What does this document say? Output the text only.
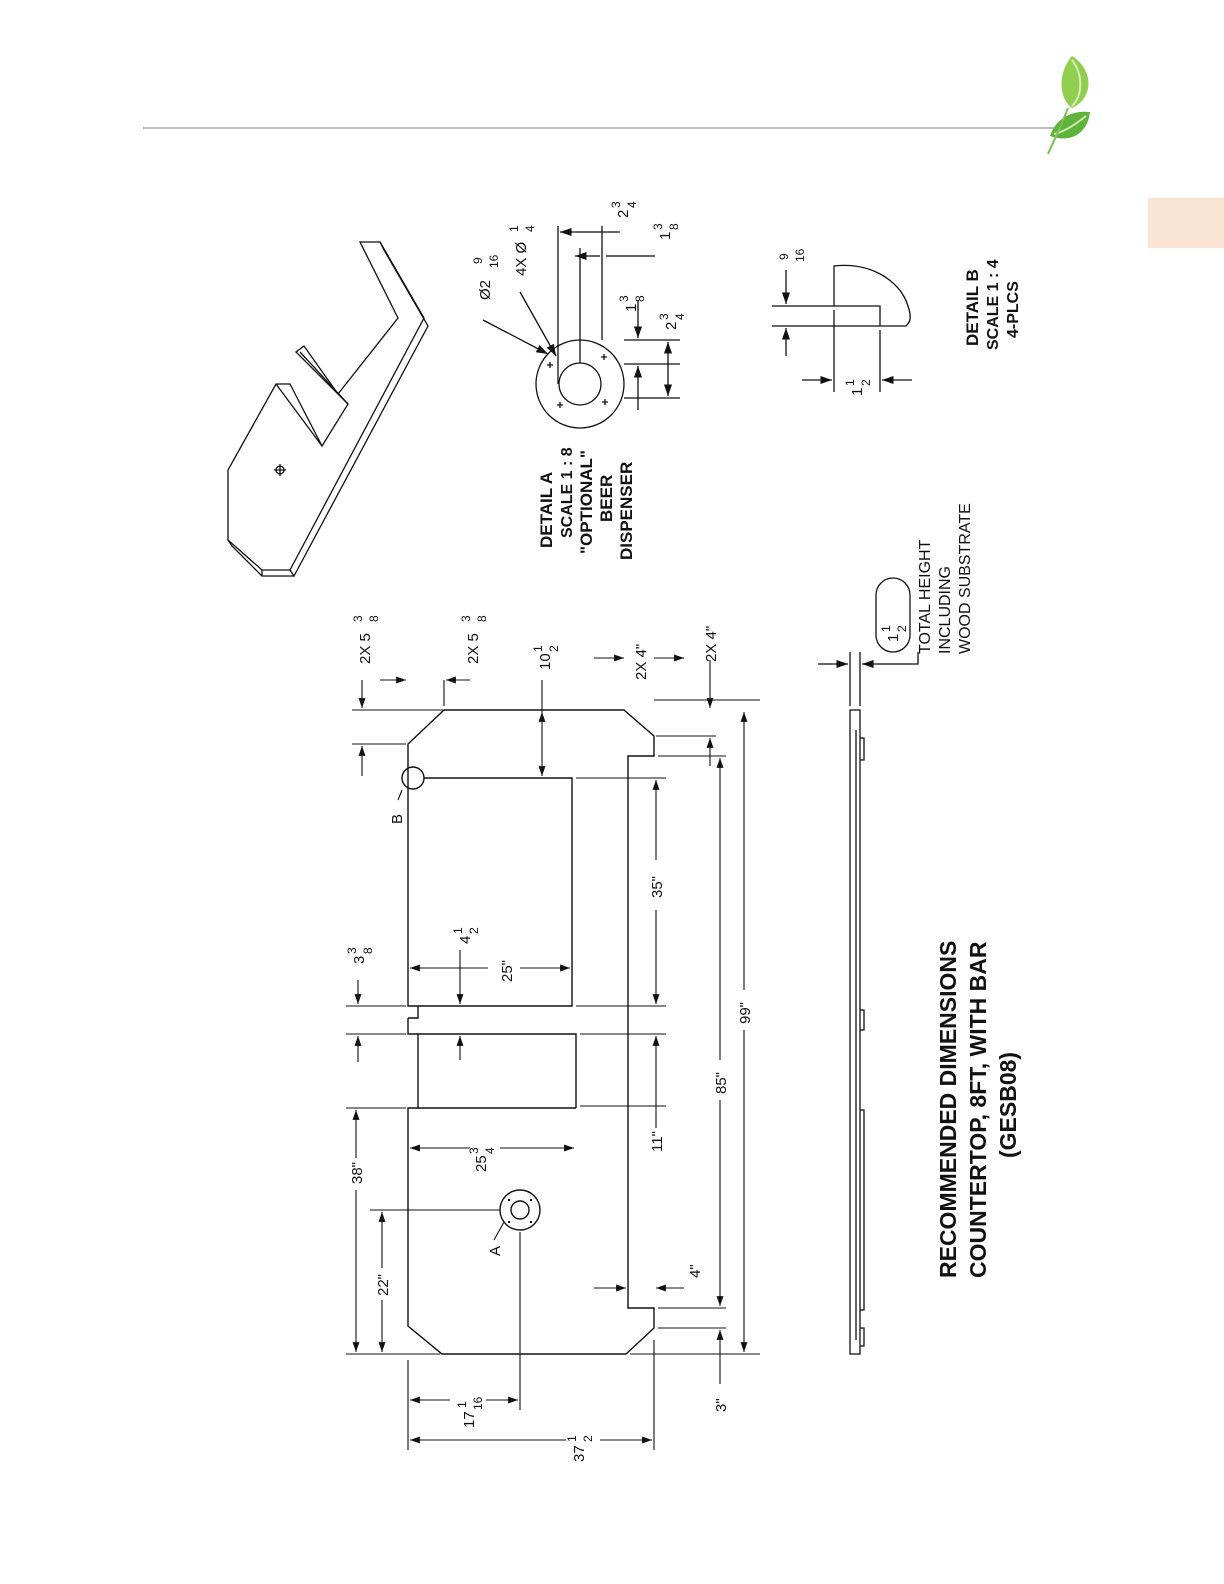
DETAIL A SCALE 1 : 8 "OPTIONAL" BEER DISPENSER
Ø2
9 16 4X Ø
1 4
2
3 4
1
3 8
1
3 8
2
3 4
9 16
1
1 2
DETAIL B SCALE 1 : 4 4-PLCS
B
A
2X 5
3 8
2X 5
3 8
10
1 2	2X 4"	2X 4"
3
3 8
4
1 2
25"
35"
99"
85"
11"
38"
22"
4"
3"
25
3 4
17
1 16
37
1 2
1
1 2 TOTAL HEIGHT INCLUDING WOOD SUBSTRATE
RECOMMENDED DIMENSIONS COUNTERTOP, 8FT, WITH BAR (GESB08)
